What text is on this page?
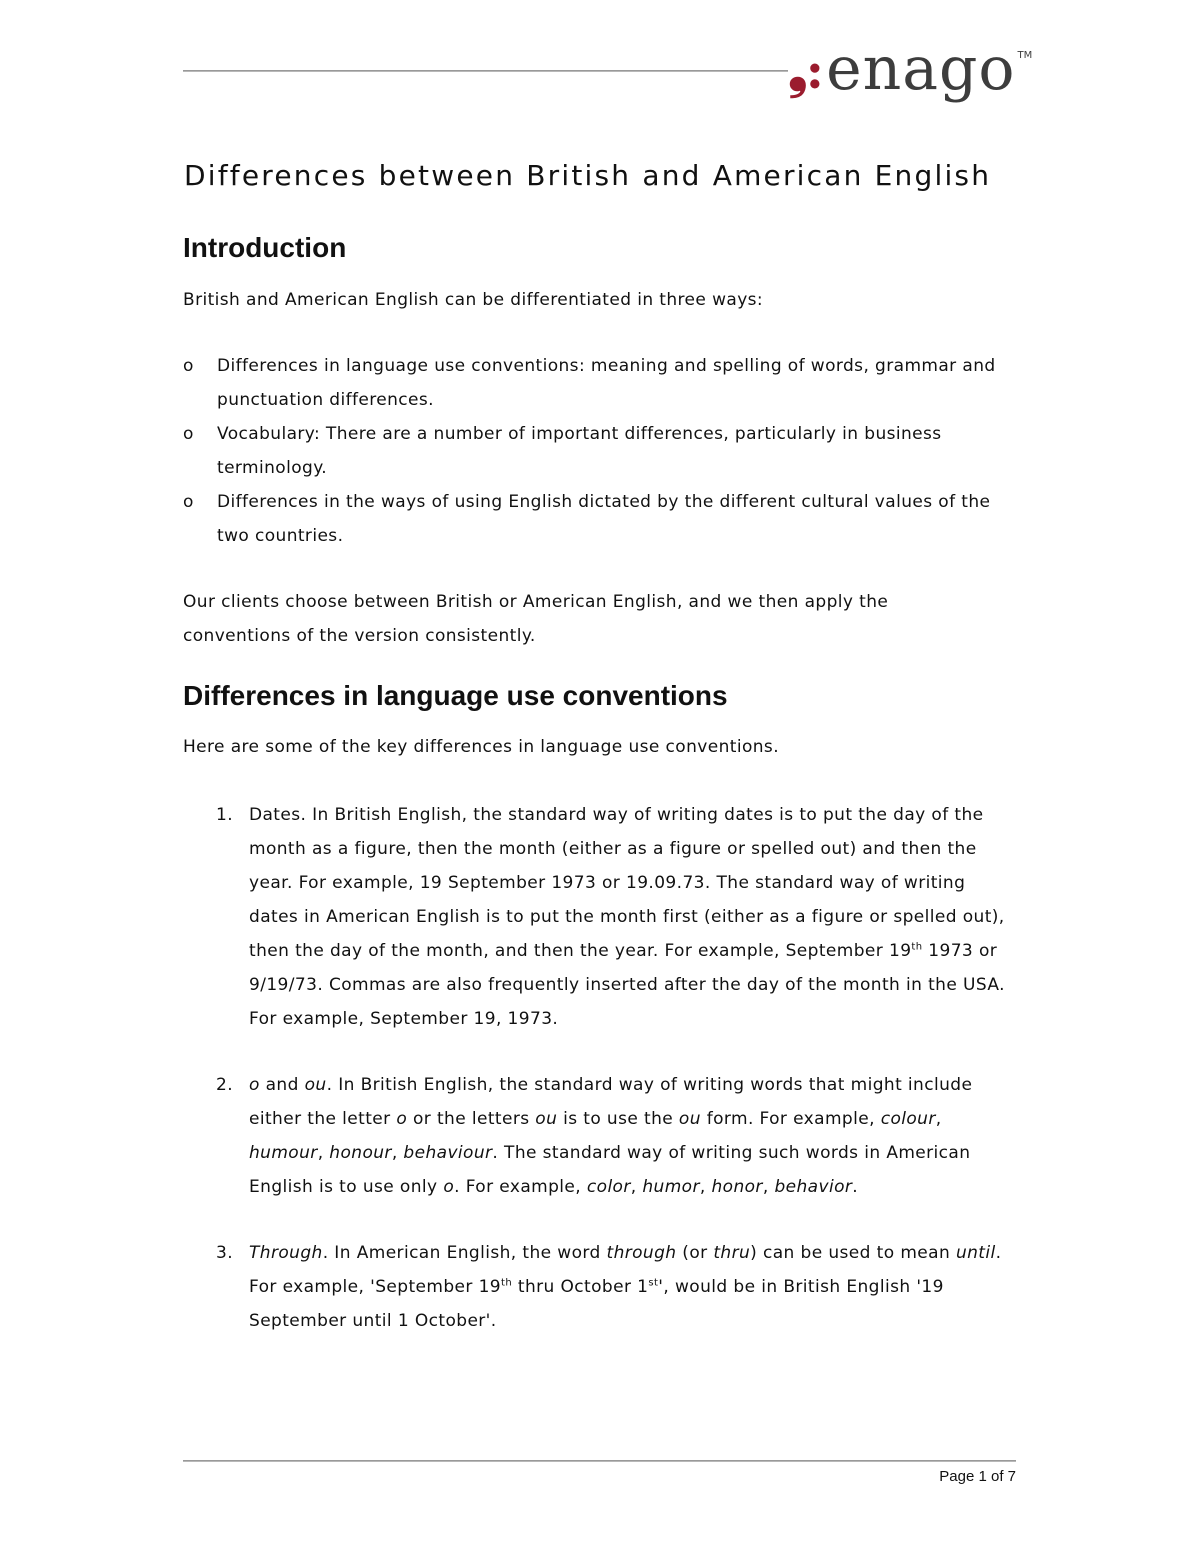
❟: enago TM
Differences between British and American English
Introduction

British and American English can be differentiated in three ways:

o Differences in language use conventions: meaning and spelling of words, grammar and punctuation differences.
o Vocabulary: There are a number of important differences, particularly in business terminology.
o Differences in the ways of using English dictated by the different cultural values of the two countries.

Our clients choose between British or American English, and we then apply the conventions of the version consistently.

Differences in language use conventions

Here are some of the key differences in language use conventions.

1. Dates. In British English, the standard way of writing dates is to put the day of the month as a figure, then the month (either as a figure or spelled out) and then the year. For example, 19 September 1973 or 19.09.73. The standard way of writing dates in American English is to put the month first (either as a figure or spelled out), then the day of the month, and then the year. For example, September 19th 1973 or 9/19/73. Commas are also frequently inserted after the day of the month in the USA. For example, September 19, 1973.
2. o and ou. In British English, the standard way of writing words that might include either the letter o or the letters ou is to use the ou form. For example, colour, humour, honour, behaviour. The standard way of writing such words in American English is to use only o. For example, color, humor, honor, behavior.
3. Through. In American English, the word through (or thru) can be used to mean until. For example, 'September 19th thru October 1st', would be in British English '19 September until 1 October'.
Page 1 of 7
